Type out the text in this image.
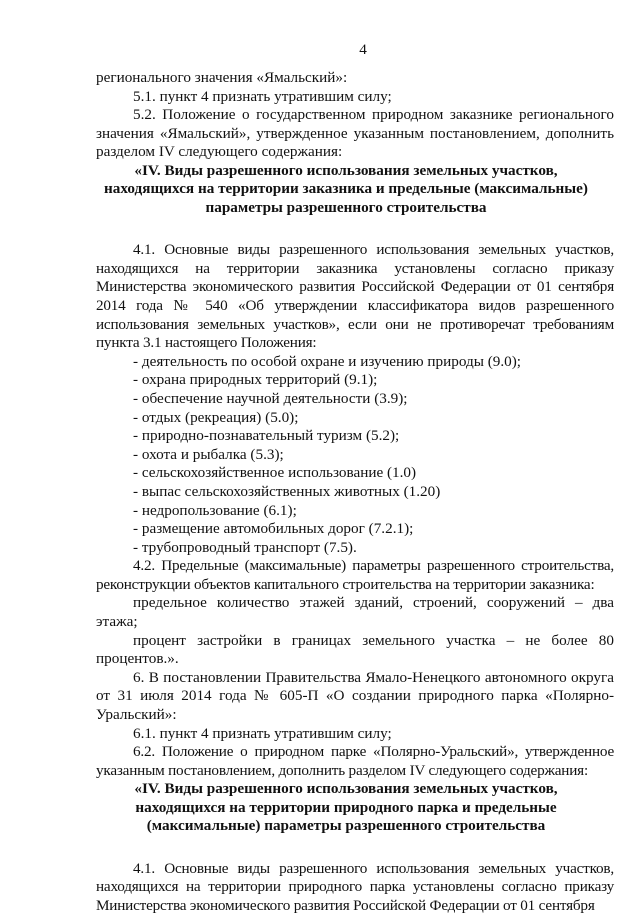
4
регионального значения «Ямальский»:
5.1. пункт 4 признать утратившим силу;
5.2. Положение о государственном природном заказнике регионального значения «Ямальский», утвержденное указанным постановлением, дополнить разделом IV следующего содержания:
«IV. Виды разрешенного использования земельных участков,
находящихся на территории заказника и предельные (максимальные)
параметры разрешенного строительства
4.1. Основные виды разрешенного использования земельных участков, находящихся на территории заказника установлены согласно приказу Министерства экономического развития Российской Федерации от 01 сентября 2014 года № 540 «Об утверждении классификатора видов разрешенного использования земельных участков», если они не противоречат требованиям пункта 3.1 настоящего Положения:
- деятельность по особой охране и изучению природы (9.0);
- охрана природных территорий (9.1);
- обеспечение научной деятельности (3.9);
- отдых (рекреация) (5.0);
- природно-познавательный туризм (5.2);
- охота и рыбалка (5.3);
- сельскохозяйственное использование (1.0)
- выпас сельскохозяйственных животных (1.20)
- недропользование (6.1);
- размещение автомобильных дорог (7.2.1);
- трубопроводный транспорт (7.5).
4.2. Предельные (максимальные) параметры разрешенного строительства, реконструкции объектов капитального строительства на территории заказника:
предельное количество этажей зданий, строений, сооружений – два этажа;
процент застройки в границах земельного участка – не более 80 процентов.».
6. В постановлении Правительства Ямало-Ненецкого автономного округа от 31 июля 2014 года № 605-П «О создании природного парка «Полярно-Уральский»:
6.1. пункт 4 признать утратившим силу;
6.2. Положение о природном парке «Полярно-Уральский», утвержденное указанным постановлением, дополнить разделом IV следующего содержания:
«IV. Виды разрешенного использования земельных участков,
находящихся на территории природного парка и предельные
(максимальные) параметры разрешенного строительства
4.1. Основные виды разрешенного использования земельных участков, находящихся на территории природного парка установлены согласно приказу Министерства экономического развития Российской Федерации от 01 сентября
